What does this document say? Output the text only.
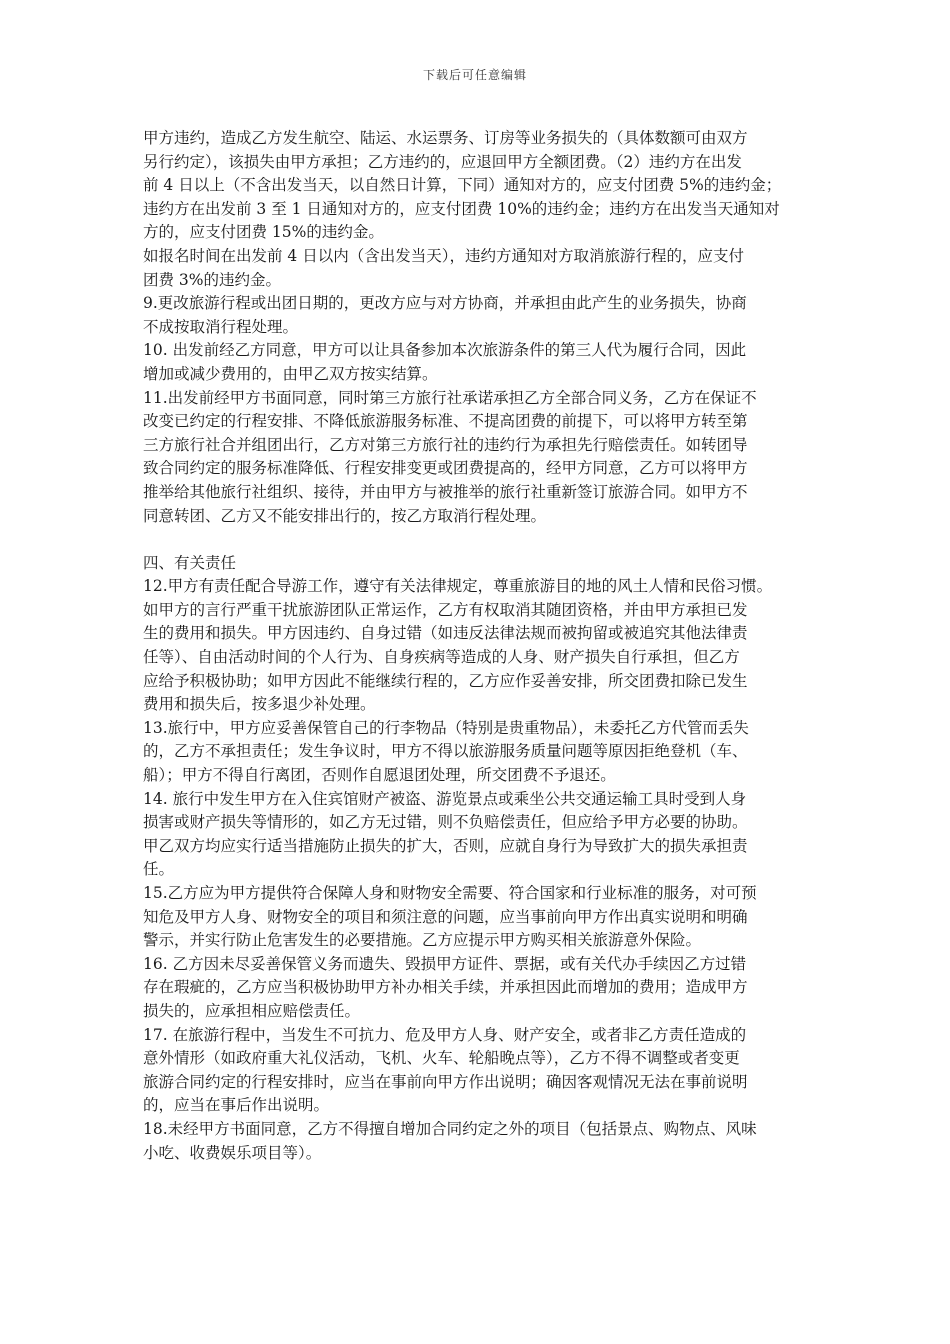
下载后可任意编辑
甲方违约，造成乙方发生航空、陆运、水运票务、订房等业务损失的（具体数额可由双方
另行约定），该损失由甲方承担；乙方违约的，应退回甲方全额团费。（2）违约方在出发
前 4 日以上（不含出发当天，以自然日计算，下同）通知对方的，应支付团费 5%的违约金；
违约方在出发前 3 至 1 日通知对方的，应支付团费 10%的违约金；违约方在出发当天通知对
方的，应支付团费 15%的违约金。
如报名时间在出发前 4 日以内（含出发当天），违约方通知对方取消旅游行程的，应支付
团费 3%的违约金。
9.更改旅游行程或出团日期的，更改方应与对方协商，并承担由此产生的业务损失，协商
不成按取消行程处理。
10. 出发前经乙方同意，甲方可以让具备参加本次旅游条件的第三人代为履行合同，因此
增加或减少费用的，由甲乙双方按实结算。
11.出发前经甲方书面同意，同时第三方旅行社承诺承担乙方全部合同义务，乙方在保证不
改变已约定的行程安排、不降低旅游服务标准、不提高团费的前提下，可以将甲方转至第
三方旅行社合并组团出行，乙方对第三方旅行社的违约行为承担先行赔偿责任。如转团导
致合同约定的服务标准降低、行程安排变更或团费提高的，经甲方同意，乙方可以将甲方
推举给其他旅行社组织、接待，并由甲方与被推举的旅行社重新签订旅游合同。如甲方不
同意转团、乙方又不能安排出行的，按乙方取消行程处理。
四、有关责任
12.甲方有责任配合导游工作，遵守有关法律规定，尊重旅游目的地的风土人情和民俗习惯。
如甲方的言行严重干扰旅游团队正常运作，乙方有权取消其随团资格，并由甲方承担已发
生的费用和损失。甲方因违约、自身过错（如违反法律法规而被拘留或被追究其他法律责
任等）、自由活动时间的个人行为、自身疾病等造成的人身、财产损失自行承担，但乙方
应给予积极协助；如甲方因此不能继续行程的，乙方应作妥善安排，所交团费扣除已发生
费用和损失后，按多退少补处理。
13.旅行中，甲方应妥善保管自己的行李物品（特别是贵重物品），未委托乙方代管而丢失
的，乙方不承担责任；发生争议时，甲方不得以旅游服务质量问题等原因拒绝登机（车、
船）；甲方不得自行离团，否则作自愿退团处理，所交团费不予退还。
14. 旅行中发生甲方在入住宾馆财产被盗、游览景点或乘坐公共交通运输工具时受到人身
损害或财产损失等情形的，如乙方无过错，则不负赔偿责任，但应给予甲方必要的协助。
甲乙双方均应实行适当措施防止损失的扩大，否则，应就自身行为导致扩大的损失承担责
任。
15.乙方应为甲方提供符合保障人身和财物安全需要、符合国家和行业标准的服务，对可预
知危及甲方人身、财物安全的项目和须注意的问题，应当事前向甲方作出真实说明和明确
警示，并实行防止危害发生的必要措施。乙方应提示甲方购买相关旅游意外保险。
16. 乙方因未尽妥善保管义务而遗失、毁损甲方证件、票据，或有关代办手续因乙方过错
存在瑕疵的，乙方应当积极协助甲方补办相关手续，并承担因此而增加的费用；造成甲方
损失的，应承担相应赔偿责任。
17. 在旅游行程中，当发生不可抗力、危及甲方人身、财产安全，或者非乙方责任造成的
意外情形（如政府重大礼仪活动，飞机、火车、轮船晚点等），乙方不得不调整或者变更
旅游合同约定的行程安排时，应当在事前向甲方作出说明；确因客观情况无法在事前说明
的，应当在事后作出说明。
18.未经甲方书面同意，乙方不得擅自增加合同约定之外的项目（包括景点、购物点、风味
小吃、收费娱乐项目等）。
